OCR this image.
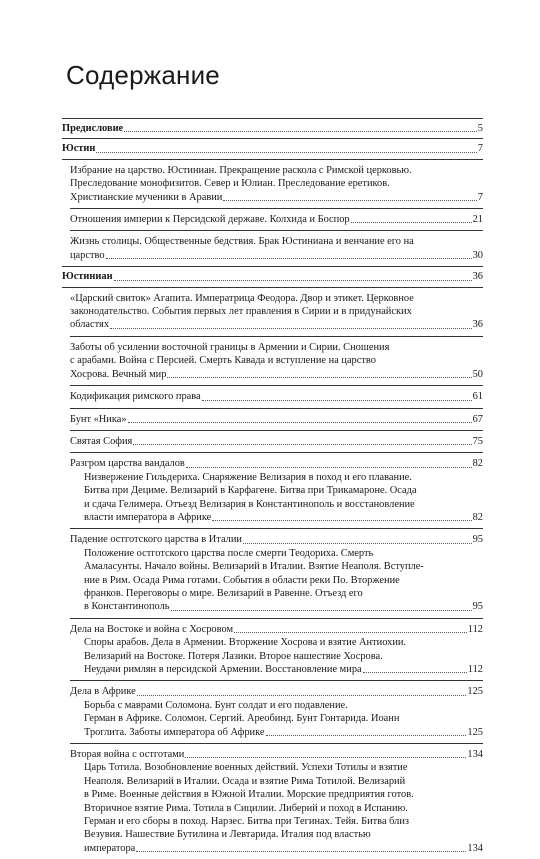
Содержание
Предисловие	5
Юстин	7
Избрание на царство. Юстиниан. Прекращение раскола с Римской церковью.
Преследование монофизитов. Север и Юлиан. Преследование еретиков.
Христианские мученики в Аравии	7
Отношения империи к Персидской державе. Колхида и Боспор	21
Жизнь столицы. Общественные бедствия. Брак Юстиниана и венчание его на
царство	30
Юстиниан	36
«Царский свиток» Агапита. Императрица Феодора. Двор и этикет. Церковное
законодательство. События первых лет правления в Сирии и в придунайских
областях	36
Заботы об усилении восточной границы в Армении и Сирии. Сношения
с арабами. Война с Персией. Смерть Кавада и вступление на царство
Хосрова. Вечный мир	50
Кодификация римского права	61
Бунт «Ника»	67
Святая София	75
Разгром царства вандалов	82
Низвержение Гильдериха. Снаряжение Велизария в поход и его плавание.
Битва при Дециме. Велизарий в Карфагене. Битва при Трикамароне. Осада
и сдача Гелимера. Отъезд Велизария в Константинополь и восстановление
власти императора в Африке	82
Падение остготского царства в Италии	95
Положение остготского царства после смерти Теодориха. Смерть
Амаласунты. Начало войны. Велизарий в Италии. Взятие Неаполя. Вступле-
ние в Рим. Осада Рима готами. События в области реки По. Вторжение
франков. Переговоры о мире. Велизарий в Равенне. Отъезд его
в Константинополь	95
Дела на Востоке и война с Хосровом	112
Споры арабов. Дела в Армении. Вторжение Хосрова и взятие Антиохии.
Велизарий на Востоке. Потеря Лазики. Второе нашествие Хосрова.
Неудачи римлян в персидской Армении. Восстановление мира	112
Дела в Африке	125
Борьба с маврами Соломона. Бунт солдат и его подавление.
Герман в Африке. Соломон. Сергий. Ареобинд. Бунт Гонтарида. Иоанн
Троглита. Заботы императора об Африке	125
Вторая война с остготами	134
Царь Тотила. Возобновление военных действий. Успехи Тотилы и взятие
Неаполя. Велизарий в Италии. Осада и взятие Рима Тотилой. Велизарий
в Риме. Военные действия в Южной Италии. Морские предприятия готов.
Вторичное взятие Рима. Тотила в Сицилии. Либерий и поход в Испанию.
Герман и его сборы в поход. Нарзес. Битва при Тегинах. Тейя. Битва близ
Везувия. Нашествие Бутилина и Левтарида. Италия под властью
императора	134
